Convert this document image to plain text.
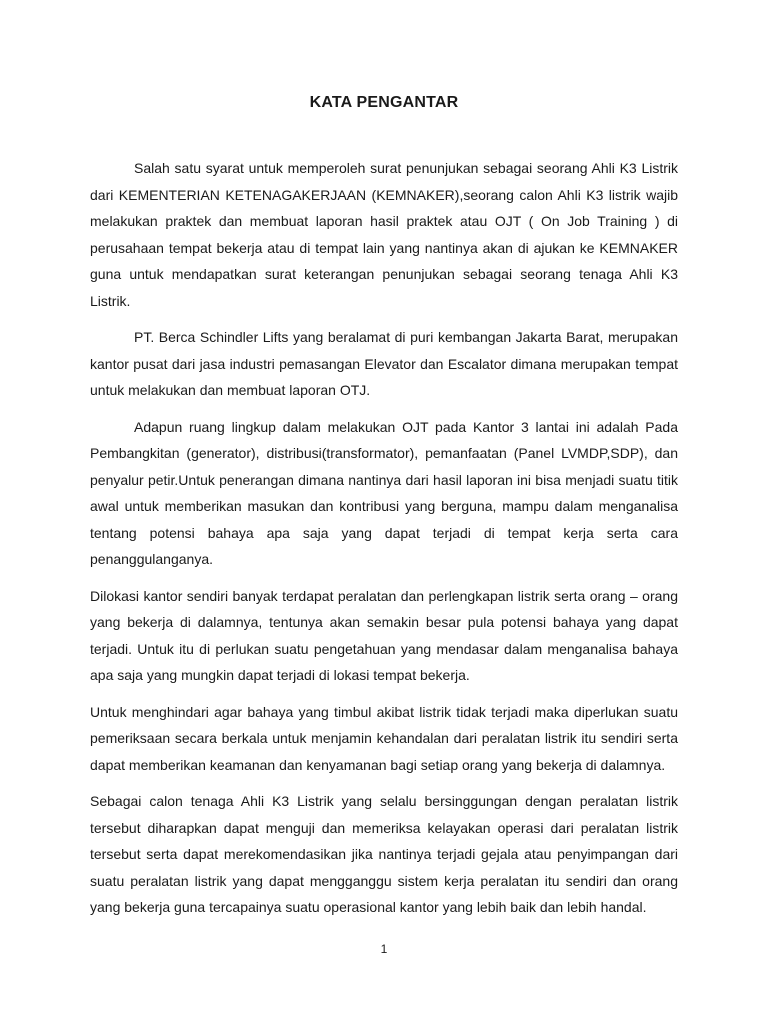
KATA PENGANTAR

Salah satu syarat untuk memperoleh surat penunjukan sebagai seorang Ahli K3 Listrik dari KEMENTERIAN KETENAGAKERJAAN (KEMNAKER),seorang calon Ahli K3 listrik wajib melakukan praktek dan membuat laporan hasil praktek atau OJT ( On Job Training ) di perusahaan tempat bekerja atau di tempat lain yang nantinya akan di ajukan ke KEMNAKER guna untuk mendapatkan surat keterangan penunjukan sebagai seorang tenaga Ahli K3 Listrik.

PT. Berca Schindler Lifts yang beralamat di puri kembangan Jakarta Barat, merupakan kantor pusat dari jasa industri pemasangan Elevator dan Escalator dimana merupakan tempat untuk melakukan dan membuat laporan OTJ.

Adapun ruang lingkup dalam melakukan OJT pada Kantor 3 lantai ini adalah Pada Pembangkitan (generator), distribusi(transformator), pemanfaatan (Panel LVMDP,SDP), dan penyalur petir.Untuk penerangan dimana nantinya dari hasil laporan ini bisa menjadi suatu titik awal untuk memberikan masukan dan kontribusi yang berguna, mampu dalam menganalisa tentang potensi bahaya apa saja yang dapat terjadi di tempat kerja serta cara penanggulanganya.

Dilokasi kantor sendiri banyak terdapat peralatan dan perlengkapan listrik serta orang – orang yang bekerja di dalamnya, tentunya akan semakin besar pula potensi bahaya yang dapat terjadi. Untuk itu di perlukan suatu pengetahuan yang mendasar dalam menganalisa bahaya apa saja yang mungkin dapat terjadi di lokasi tempat bekerja.

Untuk menghindari agar bahaya yang timbul akibat listrik tidak terjadi maka diperlukan suatu pemeriksaan secara berkala untuk menjamin kehandalan dari peralatan listrik itu sendiri serta dapat memberikan keamanan dan kenyamanan bagi setiap orang yang bekerja di dalamnya.

Sebagai calon tenaga Ahli K3 Listrik yang selalu bersinggungan dengan peralatan listrik tersebut diharapkan dapat menguji dan memeriksa kelayakan operasi dari peralatan listrik tersebut serta dapat merekomendasikan jika nantinya terjadi gejala atau penyimpangan dari suatu peralatan listrik yang dapat mengganggu sistem kerja peralatan itu sendiri dan orang yang bekerja guna tercapainya suatu operasional kantor yang lebih baik dan lebih handal.

1
